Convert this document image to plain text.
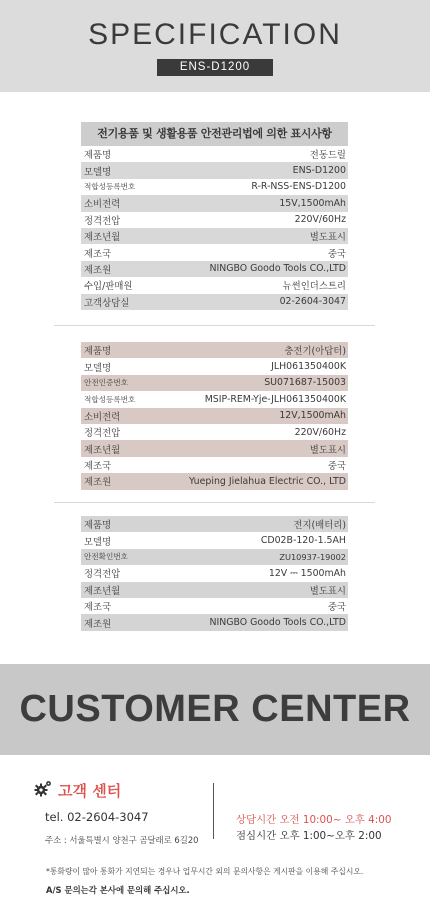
SPECIFICATION
ENS-D1200
전기용품 및 생활용품 안전관리법에 의한 표시사항
제품명	전동드릴
모델명	ENS-D1200
적합성등록번호	R-R-NSS-ENS-D1200
소비전력	15V,1500mAh
정격전압	220V/60Hz
제조년월	별도표시
제조국	중국
제조원	NINGBO Goodo Tools CO.,LTD
수입/판매원	뉴썬인더스트리
고객상담실	02-2604-3047
제품명	충전기(아답터)
모델명	JLH061350400K
안전인증번호	SU071687-15003
적합성등록번호	MSIP-REM-Yje-JLH061350400K
소비전력	12V,1500mAh
정격전압	220V/60Hz
제조년월	별도표시
제조국	중국
제조원	Yueping Jielahua Electric CO., LTD
제품명	전지(배터리)
모델명	CD02B-120-1.5AH
안전확인번호	ZU10937-19002
정격전압	12V ⎓ 1500mAh
제조년월	별도표시
제조국	중국
제조원	NINGBO Goodo Tools CO.,LTD
CUSTOMER CENTER
고객 센터
tel. 02-2604-3047
주소 : 서울특별시 양천구 곰달래로 6길20
상담시간 오전 10:00~ 오후 4:00
점심시간 오후 1:00~오후 2:00
*통화량이 많아 통화가 지연되는 경우나 업무시간 외의 문의사항은 게시판을 이용해 주십시오.
A/S 문의는각 본사에 문의해 주십시오.
